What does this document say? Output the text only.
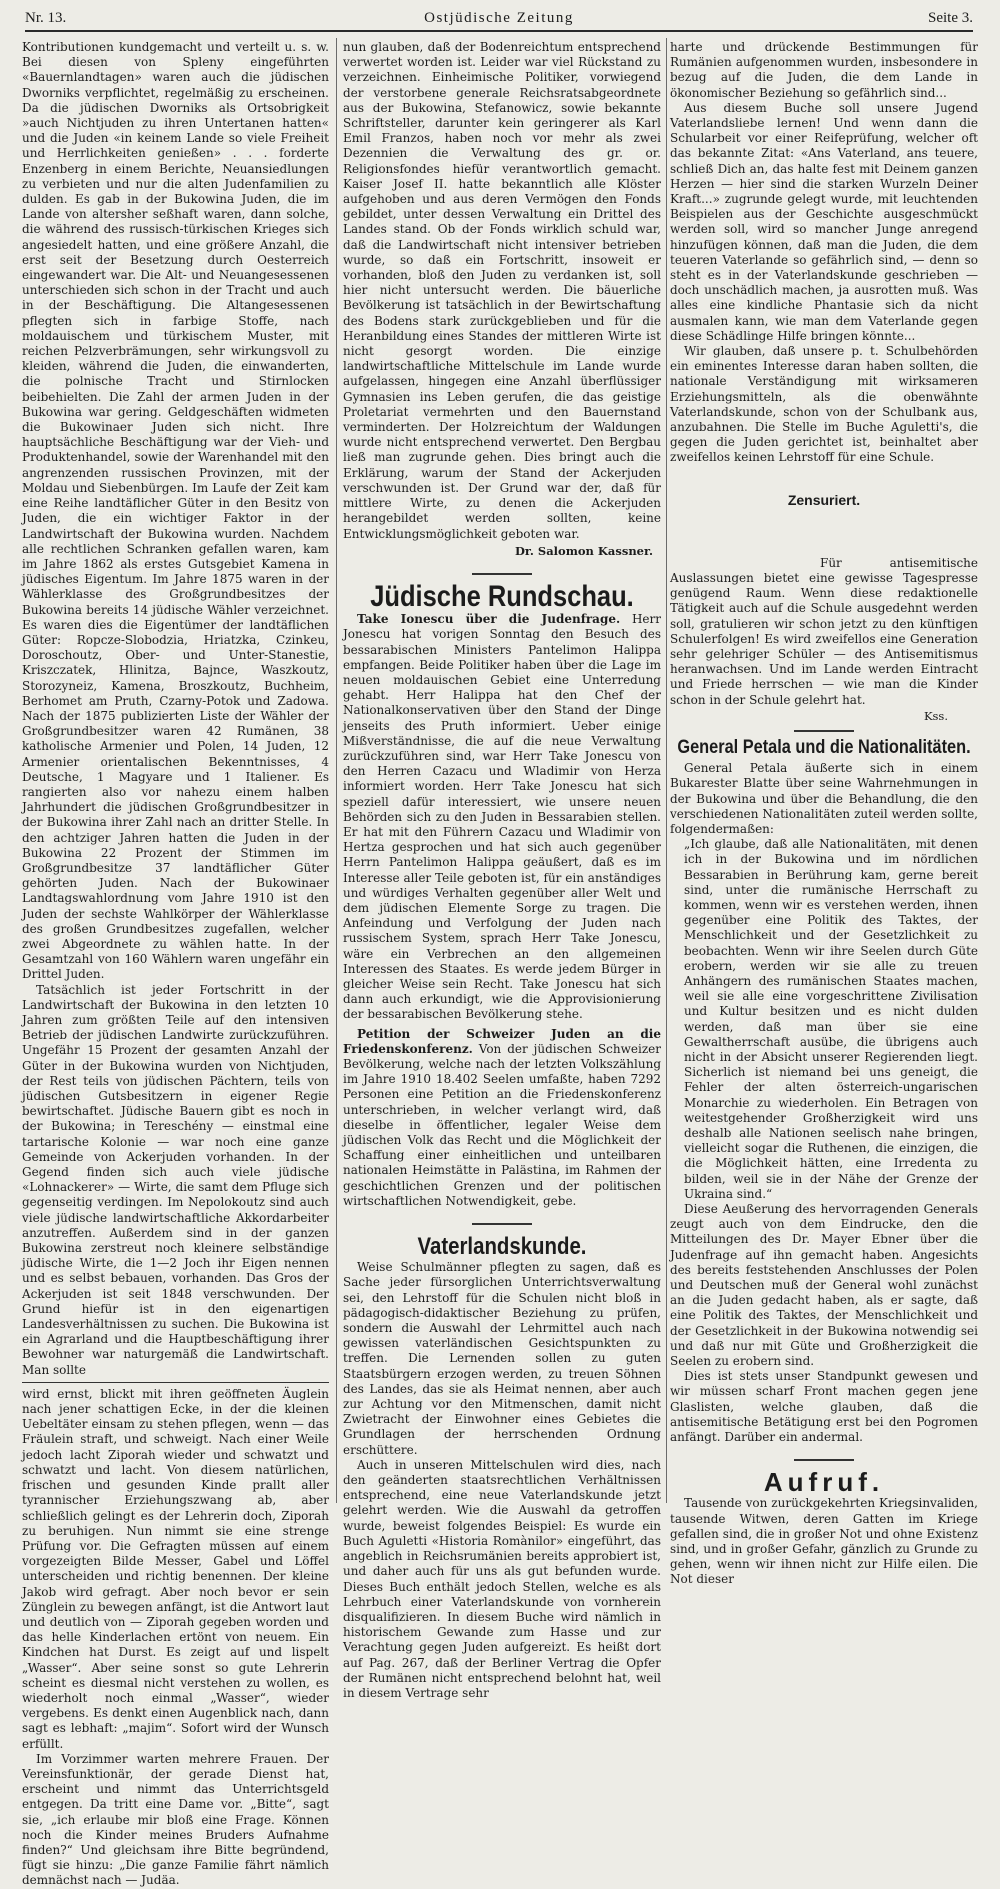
Nr. 13.	Ostjüdische Zeitung	Seite 3.

Kontributionen kundgemacht und verteilt u. s. w. Bei diesen von Spleny eingeführten «Bauernlandtagen» waren auch die jüdischen Dworniks verpflichtet, regelmäßig zu erscheinen. Da die jüdischen Dworniks als Ortsobrigkeit »auch Nichtjuden zu ihren Untertanen hatten« und die Juden «in keinem Lande so viele Freiheit und Herrlichkeiten genießen» . . . forderte Enzenberg in einem Berichte, Neuansiedlungen zu verbieten und nur die alten Judenfamilien zu dulden. Es gab in der Bukowina Juden, die im Lande von altersher seßhaft waren, dann solche, die während des russisch-türkischen Krieges sich angesiedelt hatten, und eine größere Anzahl, die erst seit der Besetzung durch Oesterreich eingewandert war. Die Alt- und Neuangesessenen unterschieden sich schon in der Tracht und auch in der Beschäftigung. Die Altangesessenen pflegten sich in farbige Stoffe, nach moldauischem und türkischem Muster, mit reichen Pelzverbrämungen, sehr wirkungsvoll zu kleiden, während die Juden, die einwanderten, die polnische Tracht und Stirnlocken beibehielten. Die Zahl der armen Juden in der Bukowina war gering. Geldgeschäften widmeten die Bukowinaer Juden sich nicht. Ihre hauptsächliche Beschäftigung war der Vieh- und Produktenhandel, sowie der Warenhandel mit den angrenzenden russischen Provinzen, mit der Moldau und Siebenbürgen. Im Laufe der Zeit kam eine Reihe landtäflicher Güter in den Besitz von Juden, die ein wichtiger Faktor in der Landwirtschaft der Bukowina wurden. Nachdem alle rechtlichen Schranken gefallen waren, kam im Jahre 1862 als erstes Gutsgebiet Kamena in jüdisches Eigentum. Im Jahre 1875 waren in der Wählerklasse des Großgrundbesitzes der Bukowina bereits 14 jüdische Wähler verzeichnet. Es waren dies die Eigentümer der landtäflichen Güter: Ropcze-Slobodzia, Hriatzka, Czinkeu, Doroschoutz, Ober- und Unter-Stanestie, Kriszczatek, Hlinitza, Bajnce, Waszkoutz, Storozyneiz, Kamena, Broszkoutz, Buchheim, Berhomet am Pruth, Czarny-Potok und Zadowa. Nach der 1875 publizierten Liste der Wähler der Großgrundbesitzer waren 42 Rumänen, 38 katholische Armenier und Polen, 14 Juden, 12 Armenier orientalischen Bekenntnisses, 4 Deutsche, 1 Magyare und 1 Italiener. Es rangierten also vor nahezu einem halben Jahrhundert die jüdischen Großgrundbesitzer in der Bukowina ihrer Zahl nach an dritter Stelle. In den achtziger Jahren hatten die Juden in der Bukowina 22 Prozent der Stimmen im Großgrundbesitze 37 landtäflicher Güter gehörten Juden. Nach der Bukowinaer Landtagswahlordnung vom Jahre 1910 ist den Juden der sechste Wahlkörper der Wählerklasse des großen Grundbesitzes zugefallen, welcher zwei Abgeordnete zu wählen hatte. In der Gesamtzahl von 160 Wählern waren ungefähr ein Drittel Juden.

Tatsächlich ist jeder Fortschritt in der Landwirtschaft der Bukowina in den letzten 10 Jahren zum größten Teile auf den intensiven Betrieb der jüdischen Landwirte zurückzuführen. Ungefähr 15 Prozent der gesamten Anzahl der Güter in der Bukowina wurden von Nichtjuden, der Rest teils von jüdischen Pächtern, teils von jüdischen Gutsbesitzern in eigener Regie bewirtschaftet. Jüdische Bauern gibt es noch in der Bukowina; in Tereschény — einstmal eine tartarische Kolonie — war noch eine ganze Gemeinde von Ackerjuden vorhanden. In der Gegend finden sich auch viele jüdische «Lohnackerer» — Wirte, die samt dem Pfluge sich gegenseitig verdingen. Im Nepolokoutz sind auch viele jüdische landwirtschaftliche Akkordarbeiter anzutreffen. Außerdem sind in der ganzen Bukowina zerstreut noch kleinere selbständige jüdische Wirte, die 1—2 Joch ihr Eigen nennen und es selbst bebauen, vorhanden. Das Gros der Ackerjuden ist seit 1848 verschwunden. Der Grund hiefür ist in den eigenartigen Landesverhältnissen zu suchen. Die Bukowina ist ein Agrarland und die Hauptbeschäftigung ihrer Bewohner war naturgemäß die Landwirtschaft. Man sollte

wird ernst, blickt mit ihren geöffneten Äuglein nach jener schattigen Ecke, in der die kleinen Uebeltäter einsam zu stehen pflegen, wenn — das Fräulein straft, und schweigt. Nach einer Weile jedoch lacht Ziporah wieder und schwatzt und schwatzt und lacht. Von diesem natürlichen, frischen und gesunden Kinde prallt aller tyrannischer Erziehungszwang ab, aber schließlich gelingt es der Lehrerin doch, Ziporah zu beruhigen. Nun nimmt sie eine strenge Prüfung vor. Die Gefragten müssen auf einem vorgezeigten Bilde Messer, Gabel und Löffel unterscheiden und richtig benennen. Der kleine Jakob wird gefragt. Aber noch bevor er sein Zünglein zu bewegen anfängt, ist die Antwort laut und deutlich von — Ziporah gegeben worden und das helle Kinderlachen ertönt von neuem. Ein Kindchen hat Durst. Es zeigt auf und lispelt „Wasser“. Aber seine sonst so gute Lehrerin scheint es diesmal nicht verstehen zu wollen, es wiederholt noch einmal „Wasser“, wieder vergebens. Es denkt einen Augenblick nach, dann sagt es lebhaft: „majim“. Sofort wird der Wunsch erfüllt.

Im Vorzimmer warten mehrere Frauen. Der Vereinsfunktionär, der gerade Dienst hat, erscheint und nimmt das Unterrichtsgeld entgegen. Da tritt eine Dame vor. „Bitte“, sagt sie, „ich erlaube mir bloß eine Frage. Können noch die Kinder meines Bruders Aufnahme finden?“ Und gleichsam ihre Bitte begründend, fügt sie hinzu: „Die ganze Familie fährt nämlich demnächst nach — Judäa.

nun glauben, daß der Bodenreichtum entsprechend verwertet worden ist. Leider war viel Rückstand zu verzeichnen. Einheimische Politiker, vorwiegend der verstorbene generale Reichsratsabgeordnete aus der Bukowina, Stefanowicz, sowie bekannte Schriftsteller, darunter kein geringerer als Karl Emil Franzos, haben noch vor mehr als zwei Dezennien die Verwaltung des gr. or. Religionsfondes hiefür verantwortlich gemacht. Kaiser Josef II. hatte bekanntlich alle Klöster aufgehoben und aus deren Vermögen den Fonds gebildet, unter dessen Verwaltung ein Drittel des Landes stand. Ob der Fonds wirklich schuld war, daß die Landwirtschaft nicht intensiver betrieben wurde, so daß ein Fortschritt, insoweit er vorhanden, bloß den Juden zu verdanken ist, soll hier nicht untersucht werden. Die bäuerliche Bevölkerung ist tatsächlich in der Bewirtschaftung des Bodens stark zurückgeblieben und für die Heranbildung eines Standes der mittleren Wirte ist nicht gesorgt worden. Die einzige landwirtschaftliche Mittelschule im Lande wurde aufgelassen, hingegen eine Anzahl überflüssiger Gymnasien ins Leben gerufen, die das geistige Proletariat vermehrten und den Bauernstand verminderten. Der Holzreichtum der Waldungen wurde nicht entsprechend verwertet. Den Bergbau ließ man zugrunde gehen. Dies bringt auch die Erklärung, warum der Stand der Ackerjuden verschwunden ist. Der Grund war der, daß für mittlere Wirte, zu denen die Ackerjuden herangebildet werden sollten, keine Entwicklungsmöglichkeit geboten war.

Dr. Salomon Kassner.
Jüdische Rundschau.

Take Ionescu über die Judenfrage. Herr Jonescu hat vorigen Sonntag den Besuch des bessarabischen Ministers Pantelimon Halippa empfangen. Beide Politiker haben über die Lage im neuen moldauischen Gebiet eine Unterredung gehabt. Herr Halippa hat den Chef der Nationalkonservativen über den Stand der Dinge jenseits des Pruth informiert. Ueber einige Mißverständnisse, die auf die neue Verwaltung zurückzuführen sind, war Herr Take Jonescu von den Herren Cazacu und Wladimir von Herza informiert worden. Herr Take Jonescu hat sich speziell dafür interessiert, wie unsere neuen Behörden sich zu den Juden in Bessarabien stellen. Er hat mit den Führern Cazacu und Wladimir von Hertza gesprochen und hat sich auch gegenüber Herrn Pantelimon Halippa geäußert, daß es im Interesse aller Teile geboten ist, für ein anständiges und würdiges Verhalten gegenüber aller Welt und dem jüdischen Elemente Sorge zu tragen. Die Anfeindung und Verfolgung der Juden nach russischem System, sprach Herr Take Jonescu, wäre ein Verbrechen an den allgemeinen Interessen des Staates. Es werde jedem Bürger in gleicher Weise sein Recht. Take Jonescu hat sich dann auch erkundigt, wie die Approvisionierung der bessarabischen Bevölkerung stehe.

Petition der Schweizer Juden an die Friedenskonferenz. Von der jüdischen Schweizer Bevölkerung, welche nach der letzten Volkszählung im Jahre 1910 18.402 Seelen umfaßte, haben 7292 Personen eine Petition an die Friedenskonferenz unterschrieben, in welcher verlangt wird, daß dieselbe in öffentlicher, legaler Weise dem jüdischen Volk das Recht und die Möglichkeit der Schaffung einer einheitlichen und unteilbaren nationalen Heimstätte in Palästina, im Rahmen der geschichtlichen Grenzen und der politischen wirtschaftlichen Notwendigkeit, gebe.

Vaterlandskunde.

Weise Schulmänner pflegten zu sagen, daß es Sache jeder fürsorglichen Unterrichtsverwaltung sei, den Lehrstoff für die Schulen nicht bloß in pädagogisch-didaktischer Beziehung zu prüfen, sondern die Auswahl der Lehrmittel auch nach gewissen vaterländischen Gesichtspunkten zu treffen. Die Lernenden sollen zu guten Staatsbürgern erzogen werden, zu treuen Söhnen des Landes, das sie als Heimat nennen, aber auch zur Achtung vor den Mitmenschen, damit nicht Zwietracht der Einwohner eines Gebietes die Grundlagen der herrschenden Ordnung erschüttere.

Auch in unseren Mittelschulen wird dies, nach den geänderten staatsrechtlichen Verhältnissen entsprechend, eine neue Vaterlandskunde jetzt gelehrt werden. Wie die Auswahl da getroffen wurde, beweist folgendes Beispiel: Es wurde ein Buch Aguletti «Historia Romànilor» eingeführt, das angeblich in Reichsrumänien bereits approbiert ist, und daher auch für uns als gut befunden wurde. Dieses Buch enthält jedoch Stellen, welche es als Lehrbuch einer Vaterlandskunde von vornherein disqualifizieren. In diesem Buche wird nämlich in historischem Gewande zum Hasse und zur Verachtung gegen Juden aufgereizt. Es heißt dort auf Pag. 267, daß der Berliner Vertrag die Opfer der Rumänen nicht entsprechend belohnt hat, weil in diesem Vertrage sehr

harte und drückende Bestimmungen für Rumänien aufgenommen wurden, insbesondere in bezug auf die Juden, die dem Lande in ökonomischer Beziehung so gefährlich sind...

Aus diesem Buche soll unsere Jugend Vaterlandsliebe lernen! Und wenn dann die Schularbeit vor einer Reifeprüfung, welcher oft das bekannte Zitat: «Ans Vaterland, ans teuere, schließ Dich an, das halte fest mit Deinem ganzen Herzen — hier sind die starken Wurzeln Deiner Kraft...» zugrunde gelegt wurde, mit leuchtenden Beispielen aus der Geschichte ausgeschmückt werden soll, wird so mancher Junge anregend hinzufügen können, daß man die Juden, die dem teueren Vaterlande so gefährlich sind, — denn so steht es in der Vaterlandskunde geschrieben — doch unschädlich machen, ja ausrotten muß. Was alles eine kindliche Phantasie sich da nicht ausmalen kann, wie man dem Vaterlande gegen diese Schädlinge Hilfe bringen könnte...

Wir glauben, daß unsere p. t. Schulbehörden ein eminentes Interesse daran haben sollten, die nationale Verständigung mit wirksameren Erziehungsmitteln, als die obenwähnte Vaterlandskunde, schon von der Schulbank aus, anzubahnen. Die Stelle im Buche Aguletti's, die gegen die Juden gerichtet ist, beinhaltet aber zweifellos keinen Lehrstoff für eine Schule.

Zensuriert.

Für antisemitische Auslassungen bietet eine gewisse Tagespresse genügend Raum. Wenn diese redaktionelle Tätigkeit auch auf die Schule ausgedehnt werden soll, gratulieren wir schon jetzt zu den künftigen Schulerfolgen! Es wird zweifellos eine Generation sehr gelehriger Schüler — des Antisemitismus heranwachsen. Und im Lande werden Eintracht und Friede herrschen — wie man die Kinder schon in der Schule gelehrt hat.

Kss.
General Petala und die Nationalitäten.

General Petala äußerte sich in einem Bukarester Blatte über seine Wahrnehmungen in der Bukowina und über die Behandlung, die den verschiedenen Nationalitäten zuteil werden sollte, folgendermaßen:

„Ich glaube, daß alle Nationalitäten, mit denen ich in der Bukowina und im nördlichen Bessarabien in Berührung kam, gerne bereit sind, unter die rumänische Herrschaft zu kommen, wenn wir es verstehen werden, ihnen gegenüber eine Politik des Taktes, der Menschlichkeit und der Gesetzlichkeit zu beobachten. Wenn wir ihre Seelen durch Güte erobern, werden wir sie alle zu treuen Anhängern des rumänischen Staates machen, weil sie alle eine vorgeschrittene Zivilisation und Kultur besitzen und es nicht dulden werden, daß man über sie eine Gewaltherrschaft ausübe, die übrigens auch nicht in der Absicht unserer Regierenden liegt. Sicherlich ist niemand bei uns geneigt, die Fehler der alten österreich-ungarischen Monarchie zu wiederholen. Ein Betragen von weitestgehender Großherzigkeit wird uns deshalb alle Nationen seelisch nahe bringen, vielleicht sogar die Ruthenen, die einzigen, die die Möglichkeit hätten, eine Irredenta zu bilden, weil sie in der Nähe der Grenze der Ukraina sind.“

Diese Aeußerung des hervorragenden Generals zeugt auch von dem Eindrucke, den die Mitteilungen des Dr. Mayer Ebner über die Judenfrage auf ihn gemacht haben. Angesichts des bereits feststehenden Anschlusses der Polen und Deutschen muß der General wohl zunächst an die Juden gedacht haben, als er sagte, daß eine Politik des Taktes, der Menschlichkeit und der Gesetzlichkeit in der Bukowina notwendig sei und daß nur mit Güte und Großherzigkeit die Seelen zu erobern sind.

Dies ist stets unser Standpunkt gewesen und wir müssen scharf Front machen gegen jene Glaslisten, welche glauben, daß die antisemitische Betätigung erst bei den Pogromen anfängt. Darüber ein andermal.

Aufruf.

Tausende von zurückgekehrten Kriegsinvaliden, tausende Witwen, deren Gatten im Kriege gefallen sind, die in großer Not und ohne Existenz sind, und in großer Gefahr, gänzlich zu Grunde zu gehen, wenn wir ihnen nicht zur Hilfe eilen. Die Not dieser
